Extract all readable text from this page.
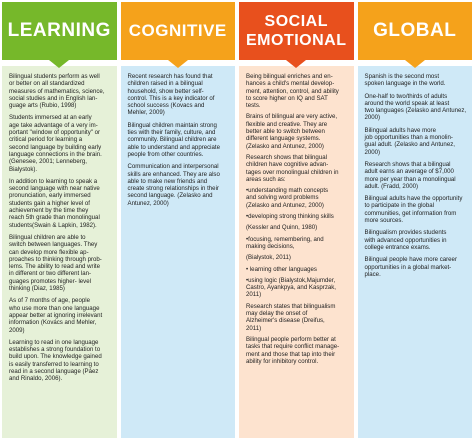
LEARNING

Bilingual students perform as well
or better on all standardized
measures of mathematics, science,
social studies and in English lan-
guage arts (Rubio, 1998)

Students immersed at an early
age take advantage of a very im-
portant "window of opportunity" or
critical period for learning a
second language by building early
language connections in the brain.
(Genesee, 2001; Lenneberg,
Bialystok).

In addition to learning to speak a
second language with near native
pronunciation, early immersed
students gain a higher level of
achievement by the time they
reach 5th grade than monolingual
students(Swain & Lapkin, 1982).

Bilingual children are able to
switch between languages. They
can develop more flexible ap-
proaches to thinking through prob-
lems. The ability to read and write
in different or two different lan-
guages promotes higher- level
thinking (Diaz, 1985)

As of 7 months of age, people
who use more than one language
appear better at ignoring irrelevant
information (Kovács and Mehler,
2009)

Learning to read in one language
establishes a strong foundation to
build upon. The knowledge gained
is easily transferred to learning to
read in a second language (Páez
and Rinaldo, 2006).

COGNITIVE

Recent research has found that
children raised in a bilingual
household, show better self-
control. This is a key indicator of
school success (Kovacs and
Mehler, 2009)

Bilingual children maintain strong
ties with their family, culture, and
community. Bilingual children are
able to understand and appreciate
people from other countries.

Communication and interpersonal
skills are enhanced. They are also
able to make new friends and
create strong relationships in their
second language. (Zelasko and
Antunez, 2000)

SOCIAL
EMOTIONAL

Being bilingual enriches and en-
hances a child's mental develop-
ment, attention, control, and ability
to score higher on IQ and SAT
tests.

Brains of bilingual are very active,
flexible and creative. They are
better able to switch between
different language systems.
(Zelasko and Antunez, 2000)

Research shows that bilingual
children have cognitive advan-
tages over monolingual children in
areas such as:

•understanding math concepts
and solving word problems
(Zelasko and Antunez, 2000)

•developing strong thinking skills

(Kessler and Quinn, 1980)

•focusing, remembering, and
making decisions,

(Bialystok, 2011)

• learning other languages

•using logic (Bialystok,Majumder,
Castro, Ayankpya, and Kasprzak,
2011)

Research states that bilingualism
may delay the onset of
Alzheimer's disease (Dreifus,
2011)

Bilingual people perform better at
tasks that require conflict manage-
ment and those that tap into their
ability for inhibitory control.

GLOBAL

Spanish is the second most
spoken language in the world.

One-half to two/thirds of adults
around the world speak at least
two languages (Zelasko and Antunez,
2000)

Bilingual adults have more
job opportunities than a monolin-
gual adult. (Zelasko and Antunez,
2000)

Research shows that a bilingual
adult earns an average of $7,000
more per year than a monolingual
adult. (Fradd, 2000)

Bilingual adults have the opportunity
to participate in the global
communities, get information from
more sources.

Bilingualism provides students
with advanced opportunities in
college entrance exams.

Bilingual people have more career
opportunities in a global market-
place.
